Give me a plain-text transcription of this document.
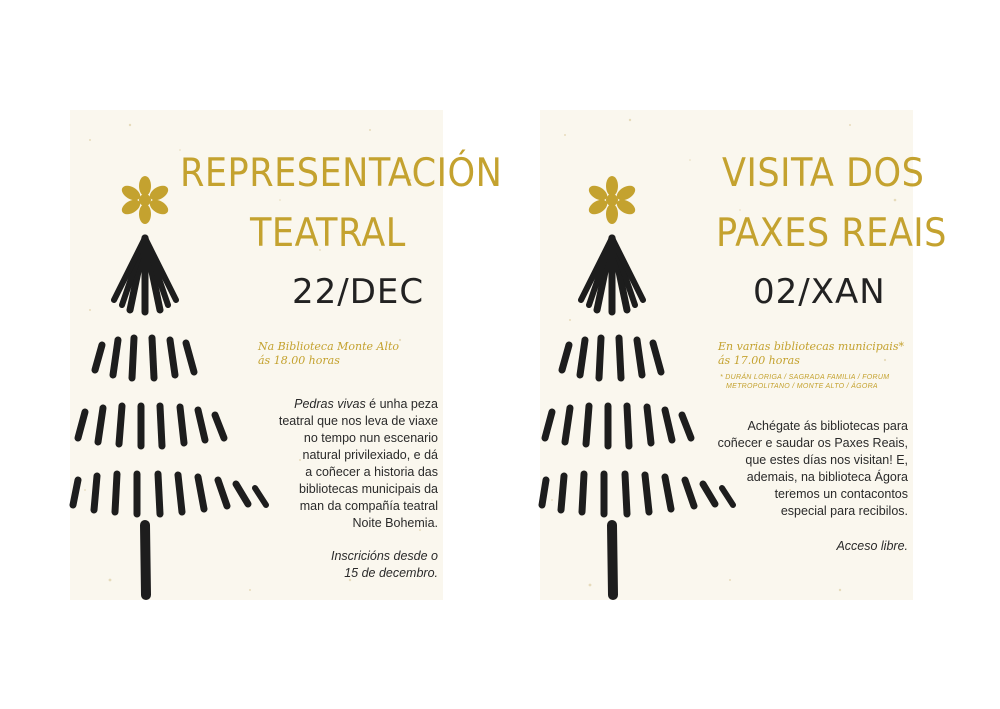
REPRESENTACIÓN
TEATRAL
22/DEC
Na Biblioteca Monte Alto
ás 18.00 horas

Pedras vivas é unha peza

teatral que nos leva de viaxe

no tempo nun escenario

natural privilexiado, e dá

a coñecer a historia das

bibliotecas municipais da

man da compañía teatral

Noite Bohemia.

Inscricións desde o

15 de decembro.

VISITA DOS
PAXES REAIS
02/XAN
En varias bibliotecas municipais*
ás 17.00 horas
* DURÁN LORIGA / SAGRADA FAMILIA / FORUM
METROPOLITANO / MONTE ALTO / ÁGORA

Achégate ás bibliotecas para

coñecer e saudar os Paxes Reais,

que estes días nos visitan! E,

ademais, na biblioteca Ágora

teremos un contacontos

especial para recibilos.

Acceso libre.
